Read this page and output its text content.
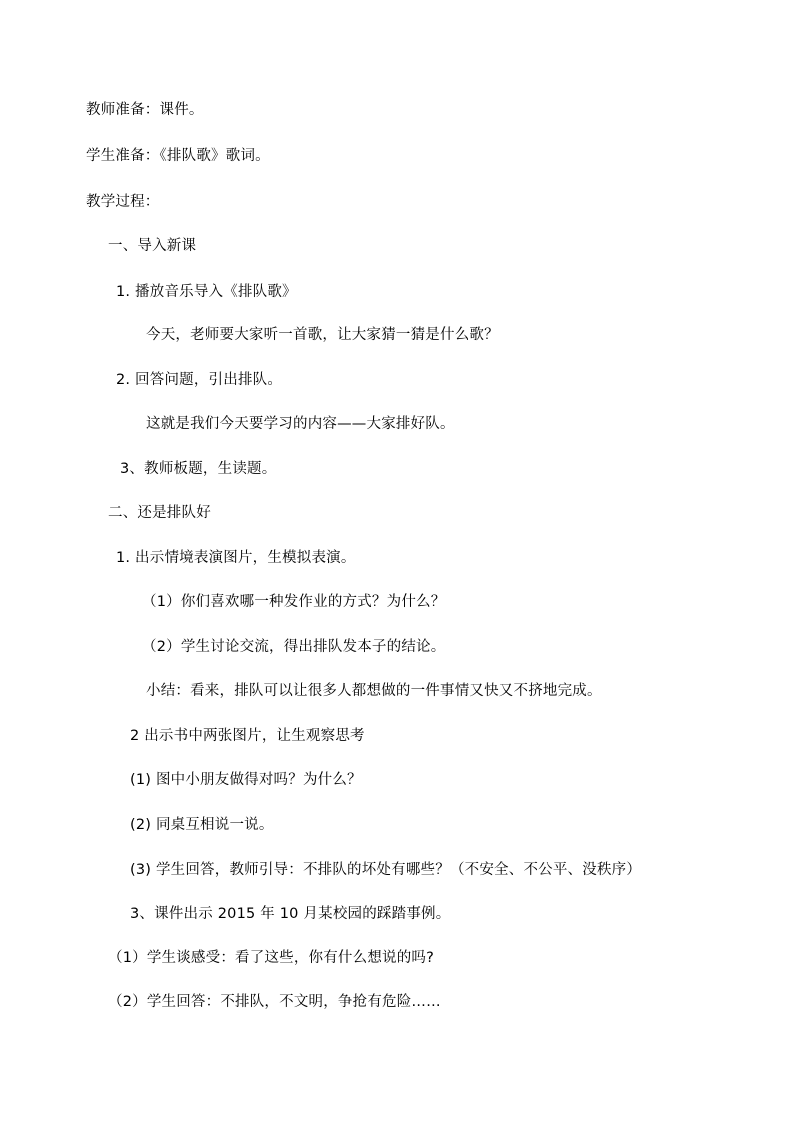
教师准备：课件。
学生准备：《排队歌》歌词。
教学过程：
一、导入新课
1. 播放音乐导入《排队歌》
今天，老师要大家听一首歌，让大家猜一猜是什么歌？
2. 回答问题，引出排队。
这就是我们今天要学习的内容——大家排好队。
3、教师板题，生读题。
二、还是排队好
1. 出示情境表演图片，生模拟表演。
（1）你们喜欢哪一种发作业的方式？为什么？
（2）学生讨论交流，得出排队发本子的结论。
小结：看来，排队可以让很多人都想做的一件事情又快又不挤地完成。
2 出示书中两张图片，让生观察思考
(1) 图中小朋友做得对吗？为什么？
(2) 同桌互相说一说。
(3) 学生回答，教师引导：不排队的坏处有哪些？（不安全、不公平、没秩序）
3、课件出示 2015 年 10 月某校园的踩踏事例。
（1）学生谈感受：看了这些，你有什么想说的吗?
（2）学生回答：不排队，不文明，争抢有危险……
